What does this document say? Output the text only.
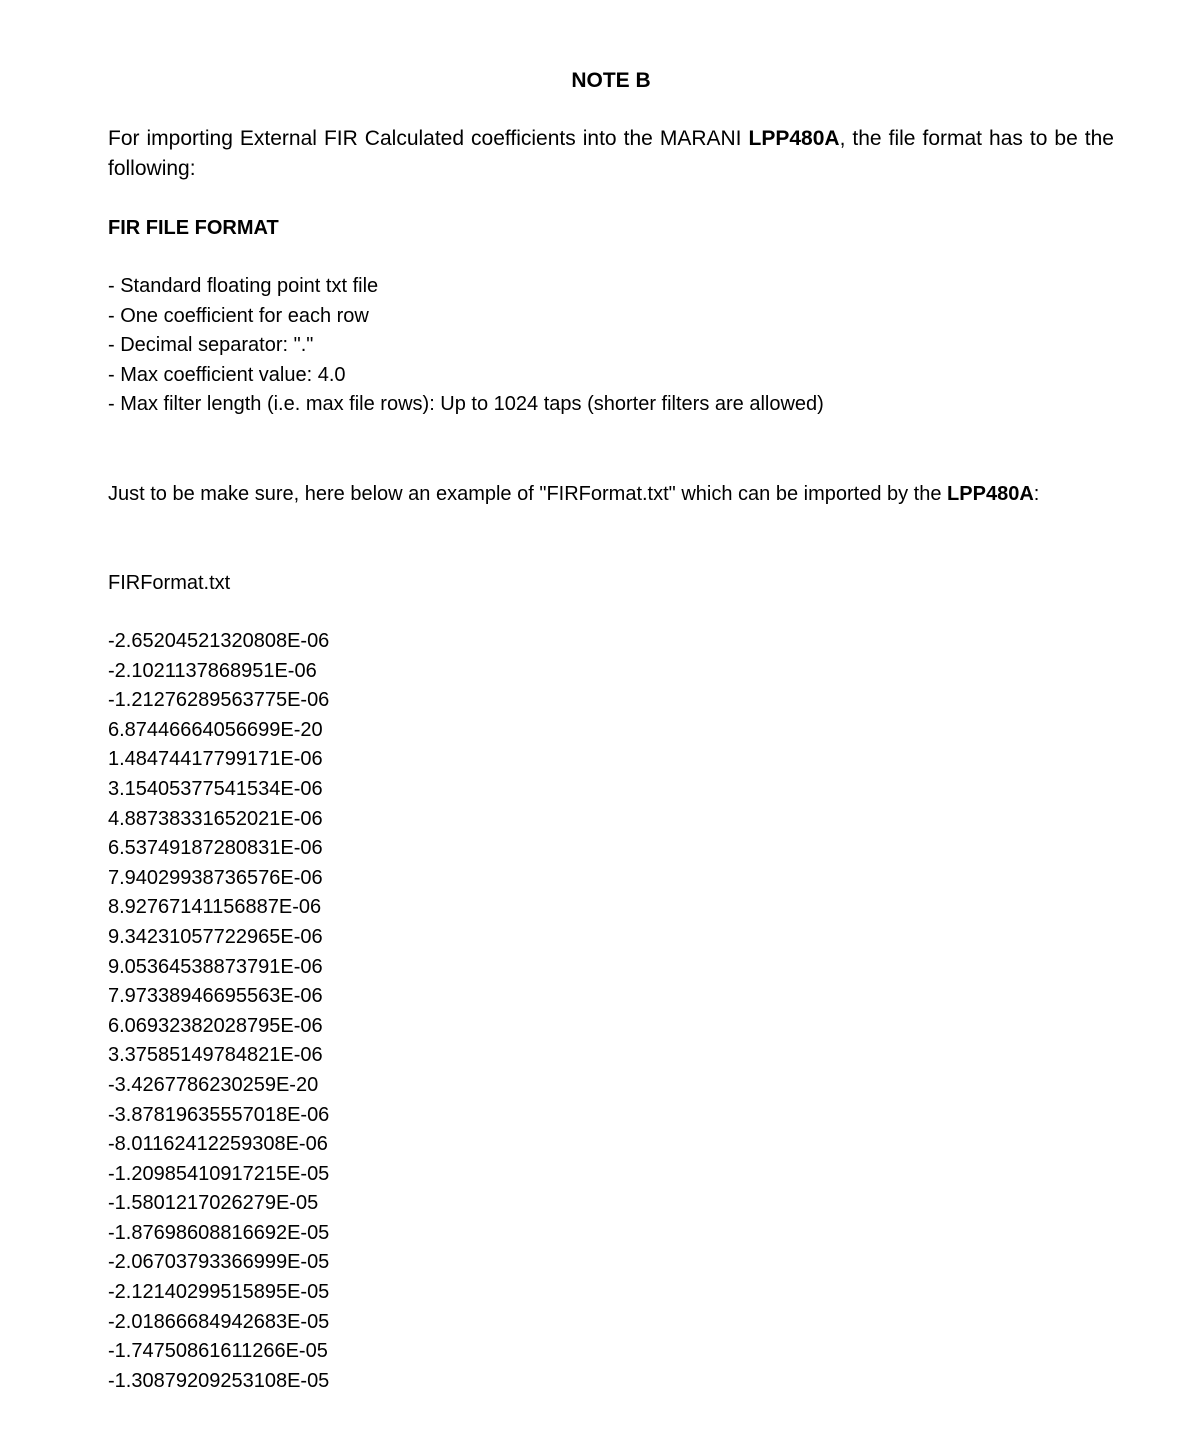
NOTE B

For importing External FIR Calculated coefficients into the MARANI LPP480A, the file format has to be the following:

FIR FILE FORMAT

- Standard floating point txt file
- One coefficient for each row
- Decimal separator: "."
- Max coefficient value: 4.0
- Max filter length (i.e. max file rows): Up to 1024 taps (shorter filters are allowed)

Just to be make sure, here below an example of "FIRFormat.txt" which can be imported by the LPP480A:

FIRFormat.txt

-2.65204521320808E-06
-2.1021137868951E-06
-1.21276289563775E-06
6.87446664056699E-20
1.48474417799171E-06
3.15405377541534E-06
4.88738331652021E-06
6.53749187280831E-06
7.94029938736576E-06
8.92767141156887E-06
9.34231057722965E-06
9.05364538873791E-06
7.97338946695563E-06
6.06932382028795E-06
3.37585149784821E-06
-3.4267786230259E-20
-3.87819635557018E-06
-8.01162412259308E-06
-1.20985410917215E-05
-1.5801217026279E-05
-1.87698608816692E-05
-2.06703793366999E-05
-2.12140299515895E-05
-2.01866684942683E-05
-1.74750861611266E-05
-1.30879209253108E-05
